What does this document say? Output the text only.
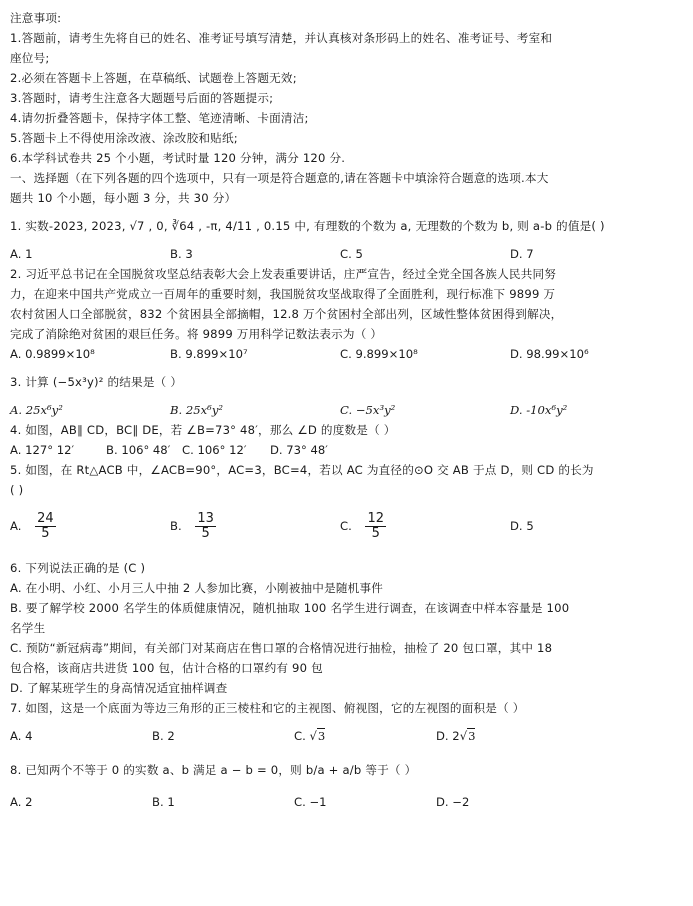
注意事项:
1.答题前，请考生先将自已的姓名、准考证号填写清楚，并认真核对条形码上的姓名、准考证号、考室和
座位号;
2.必须在答题卡上答题，在草稿纸、试题卷上答题无效;
3.答题时，请考生注意各大题题号后面的答题提示;
4.请勿折叠答题卡，保持字体工整、笔迹清晰、卡面清洁;
5.答题卡上不得使用涂改液、涂改胶和贴纸;
6.本学科试卷共 25 个小题，考试时量 120 分钟，满分 120 分.
一、选择题（在下列各题的四个选项中，只有一项是符合题意的,请在答题卡中填涂符合题意的选项.本大
题共 10 个小题，每小题 3 分，共 30 分）
1. 实数-2023, 2023, √7 , 0, ∛64 , -π, 4/11 , 0.15 中, 有理数的个数为 a, 无理数的个数为 b, 则 a-b 的值是( )
A. 1	B. 3	C. 5	D. 7
2. 习近平总书记在全国脱贫攻坚总结表彰大会上发表重要讲话，庄严宣告，经过全党全国各族人民共同努
力，在迎来中国共产党成立一百周年的重要时刻，我国脱贫攻坚战取得了全面胜利，现行标准下 9899 万
农村贫困人口全部脱贫，832 个贫困县全部摘帽，12.8 万个贫困村全部出列，区域性整体贫困得到解决，
完成了消除绝对贫困的艰巨任务。将 9899 万用科学记数法表示为（ ）
A. 0.9899×10⁸	B. 9.899×10⁷	C. 9.899×10⁸	D. 98.99×10⁶
3. 计算 (−5x³y)² 的结果是（ ）
A. 25x⁶y²	B. 25x⁶y²	C. −5x³y²	D. -10x⁶y²
4. 如图，AB∥ CD，BC∥ DE，若 ∠B=73° 48′，那么 ∠D 的度数是（ ）
A. 127° 12′	B. 106° 48′	C. 106° 12′	D. 73° 48′
5. 如图，在 Rt△ACB 中，∠ACB=90°，AC=3，BC=4，若以 AC 为直径的⊙O 交 AB 于点 D，则 CD 的长为
( )
A. $\frac{24}{5}$	B. $\frac{13}{5}$	C. $\frac{12}{5}$	D. 5
6. 下列说法正确的是 (C )
A. 在小明、小红、小月三人中抽 2 人参加比赛，小刚被抽中是随机事件
B. 要了解学校 2000 名学生的体质健康情况，随机抽取 100 名学生进行调查，在该调查中样本容量是 100
名学生
C. 预防“新冠病毒”期间，有关部门对某商店在售口罩的合格情况进行抽检，抽检了 20 包口罩，其中 18
包合格，该商店共进货 100 包，估计合格的口罩约有 90 包
D. 了解某班学生的身高情况适宜抽样调查
7. 如图，这是一个底面为等边三角形的正三棱柱和它的主视图、俯视图，它的左视图的面积是（ ）
A. 4	B. 2	C. √3	D. 2√3
8. 已知两个不等于 0 的实数 a、b 满足 a − b = 0，则 b/a + a/b 等于（ ）
A. 2	B. 1	C. −1	D. −2
